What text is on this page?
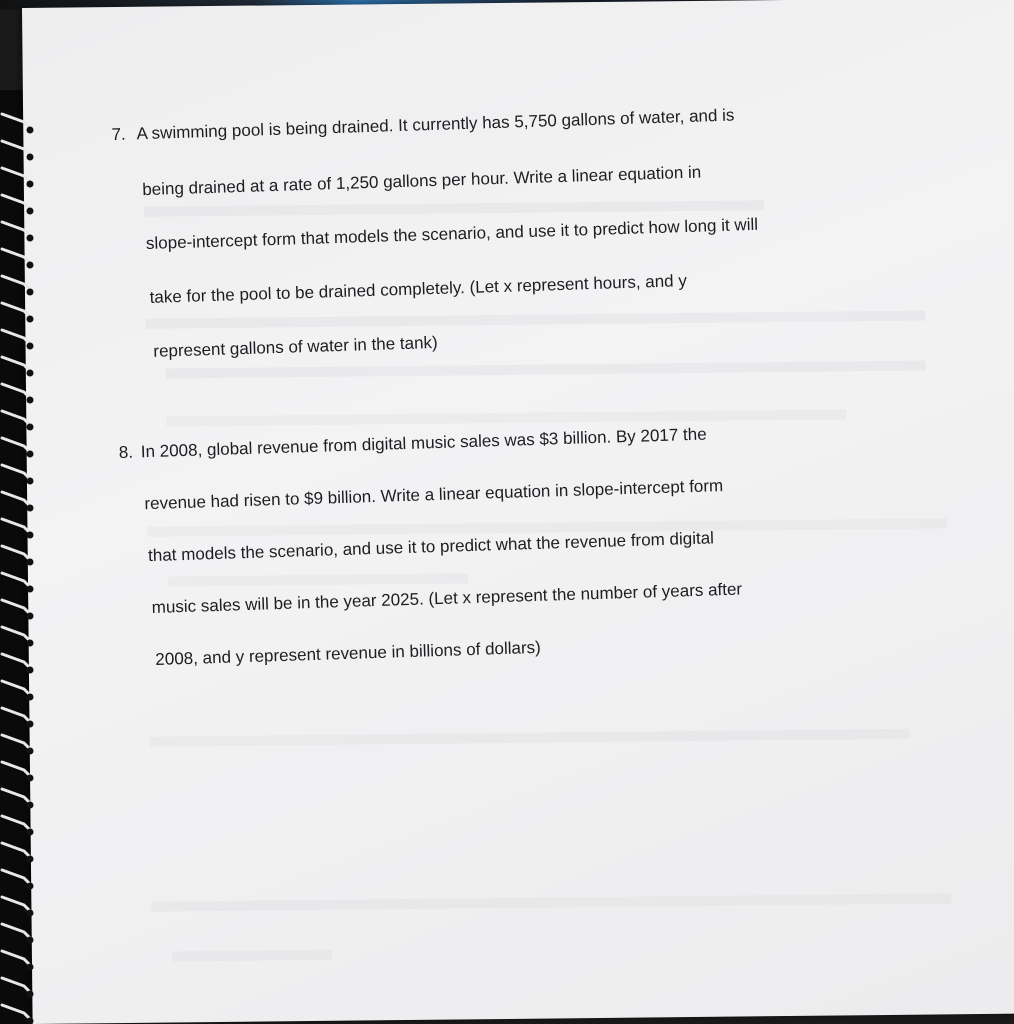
7. A swimming pool is being drained. It currently has 5,750 gallons of water, and is
being drained at a rate of 1,250 gallons per hour. Write a linear equation in
slope-intercept form that models the scenario, and use it to predict how long it will
take for the pool to be drained completely. (Let x represent hours, and y
represent gallons of water in the tank)
8. In 2008, global revenue from digital music sales was $3 billion. By 2017 the
revenue had risen to $9 billion. Write a linear equation in slope-intercept form
that models the scenario, and use it to predict what the revenue from digital
music sales will be in the year 2025. (Let x represent the number of years after
2008, and y represent revenue in billions of dollars)
